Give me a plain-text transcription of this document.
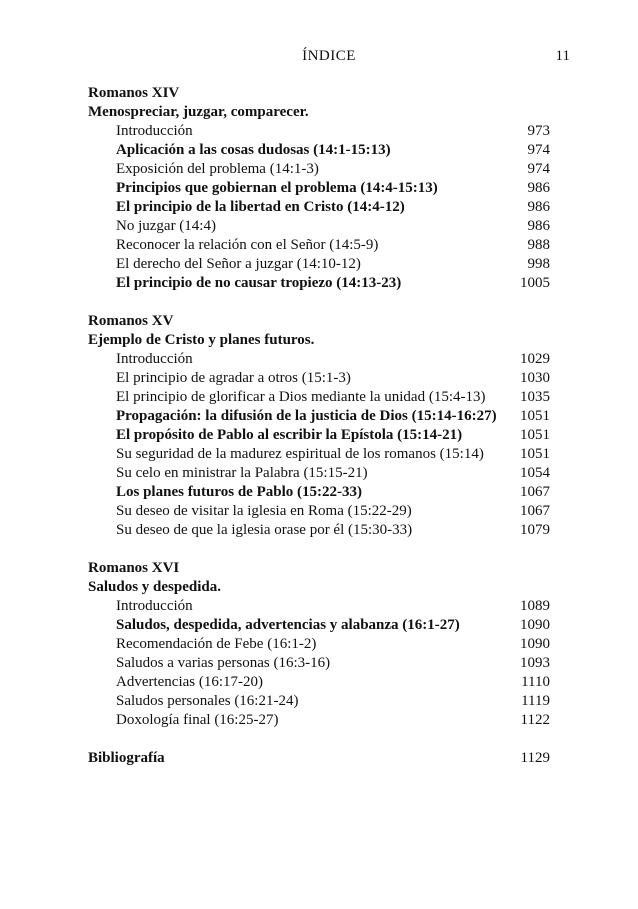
ÍNDICE	11
Romanos XIV
Menospreciar, juzgar, comparecer.
Introducción	973
Aplicación a las cosas dudosas (14:1-15:13)	974
Exposición del problema (14:1-3)	974
Principios que gobiernan el problema (14:4-15:13)	986
El principio de la libertad en Cristo (14:4-12)	986
No juzgar (14:4)	986
Reconocer la relación con el Señor (14:5-9)	988
El derecho del Señor a juzgar (14:10-12)	998
El principio de no causar tropiezo (14:13-23)	1005
Romanos XV
Ejemplo de Cristo y planes futuros.
Introducción	1029
El principio de agradar a otros (15:1-3)	1030
El principio de glorificar a Dios mediante la unidad (15:4-13) 1035
Propagación: la difusión de la justicia de Dios (15:14-16:27) 1051
El propósito de Pablo al escribir la Epístola (15:14-21)	1051
Su seguridad de la madurez espiritual de los romanos (15:14) 1051
Su celo en ministrar la Palabra (15:15-21)	1054
Los planes futuros de Pablo (15:22-33)	1067
Su deseo de visitar la iglesia en Roma (15:22-29)	1067
Su deseo de que la iglesia orase por él (15:30-33)	1079
Romanos XVI
Saludos y despedida.
Introducción	1089
Saludos, despedida, advertencias y alabanza (16:1-27)	1090
Recomendación de Febe (16:1-2)	1090
Saludos a varias personas (16:3-16)	1093
Advertencias (16:17-20)	1110
Saludos personales (16:21-24)	1119
Doxología final (16:25-27)	1122
Bibliografía	1129
